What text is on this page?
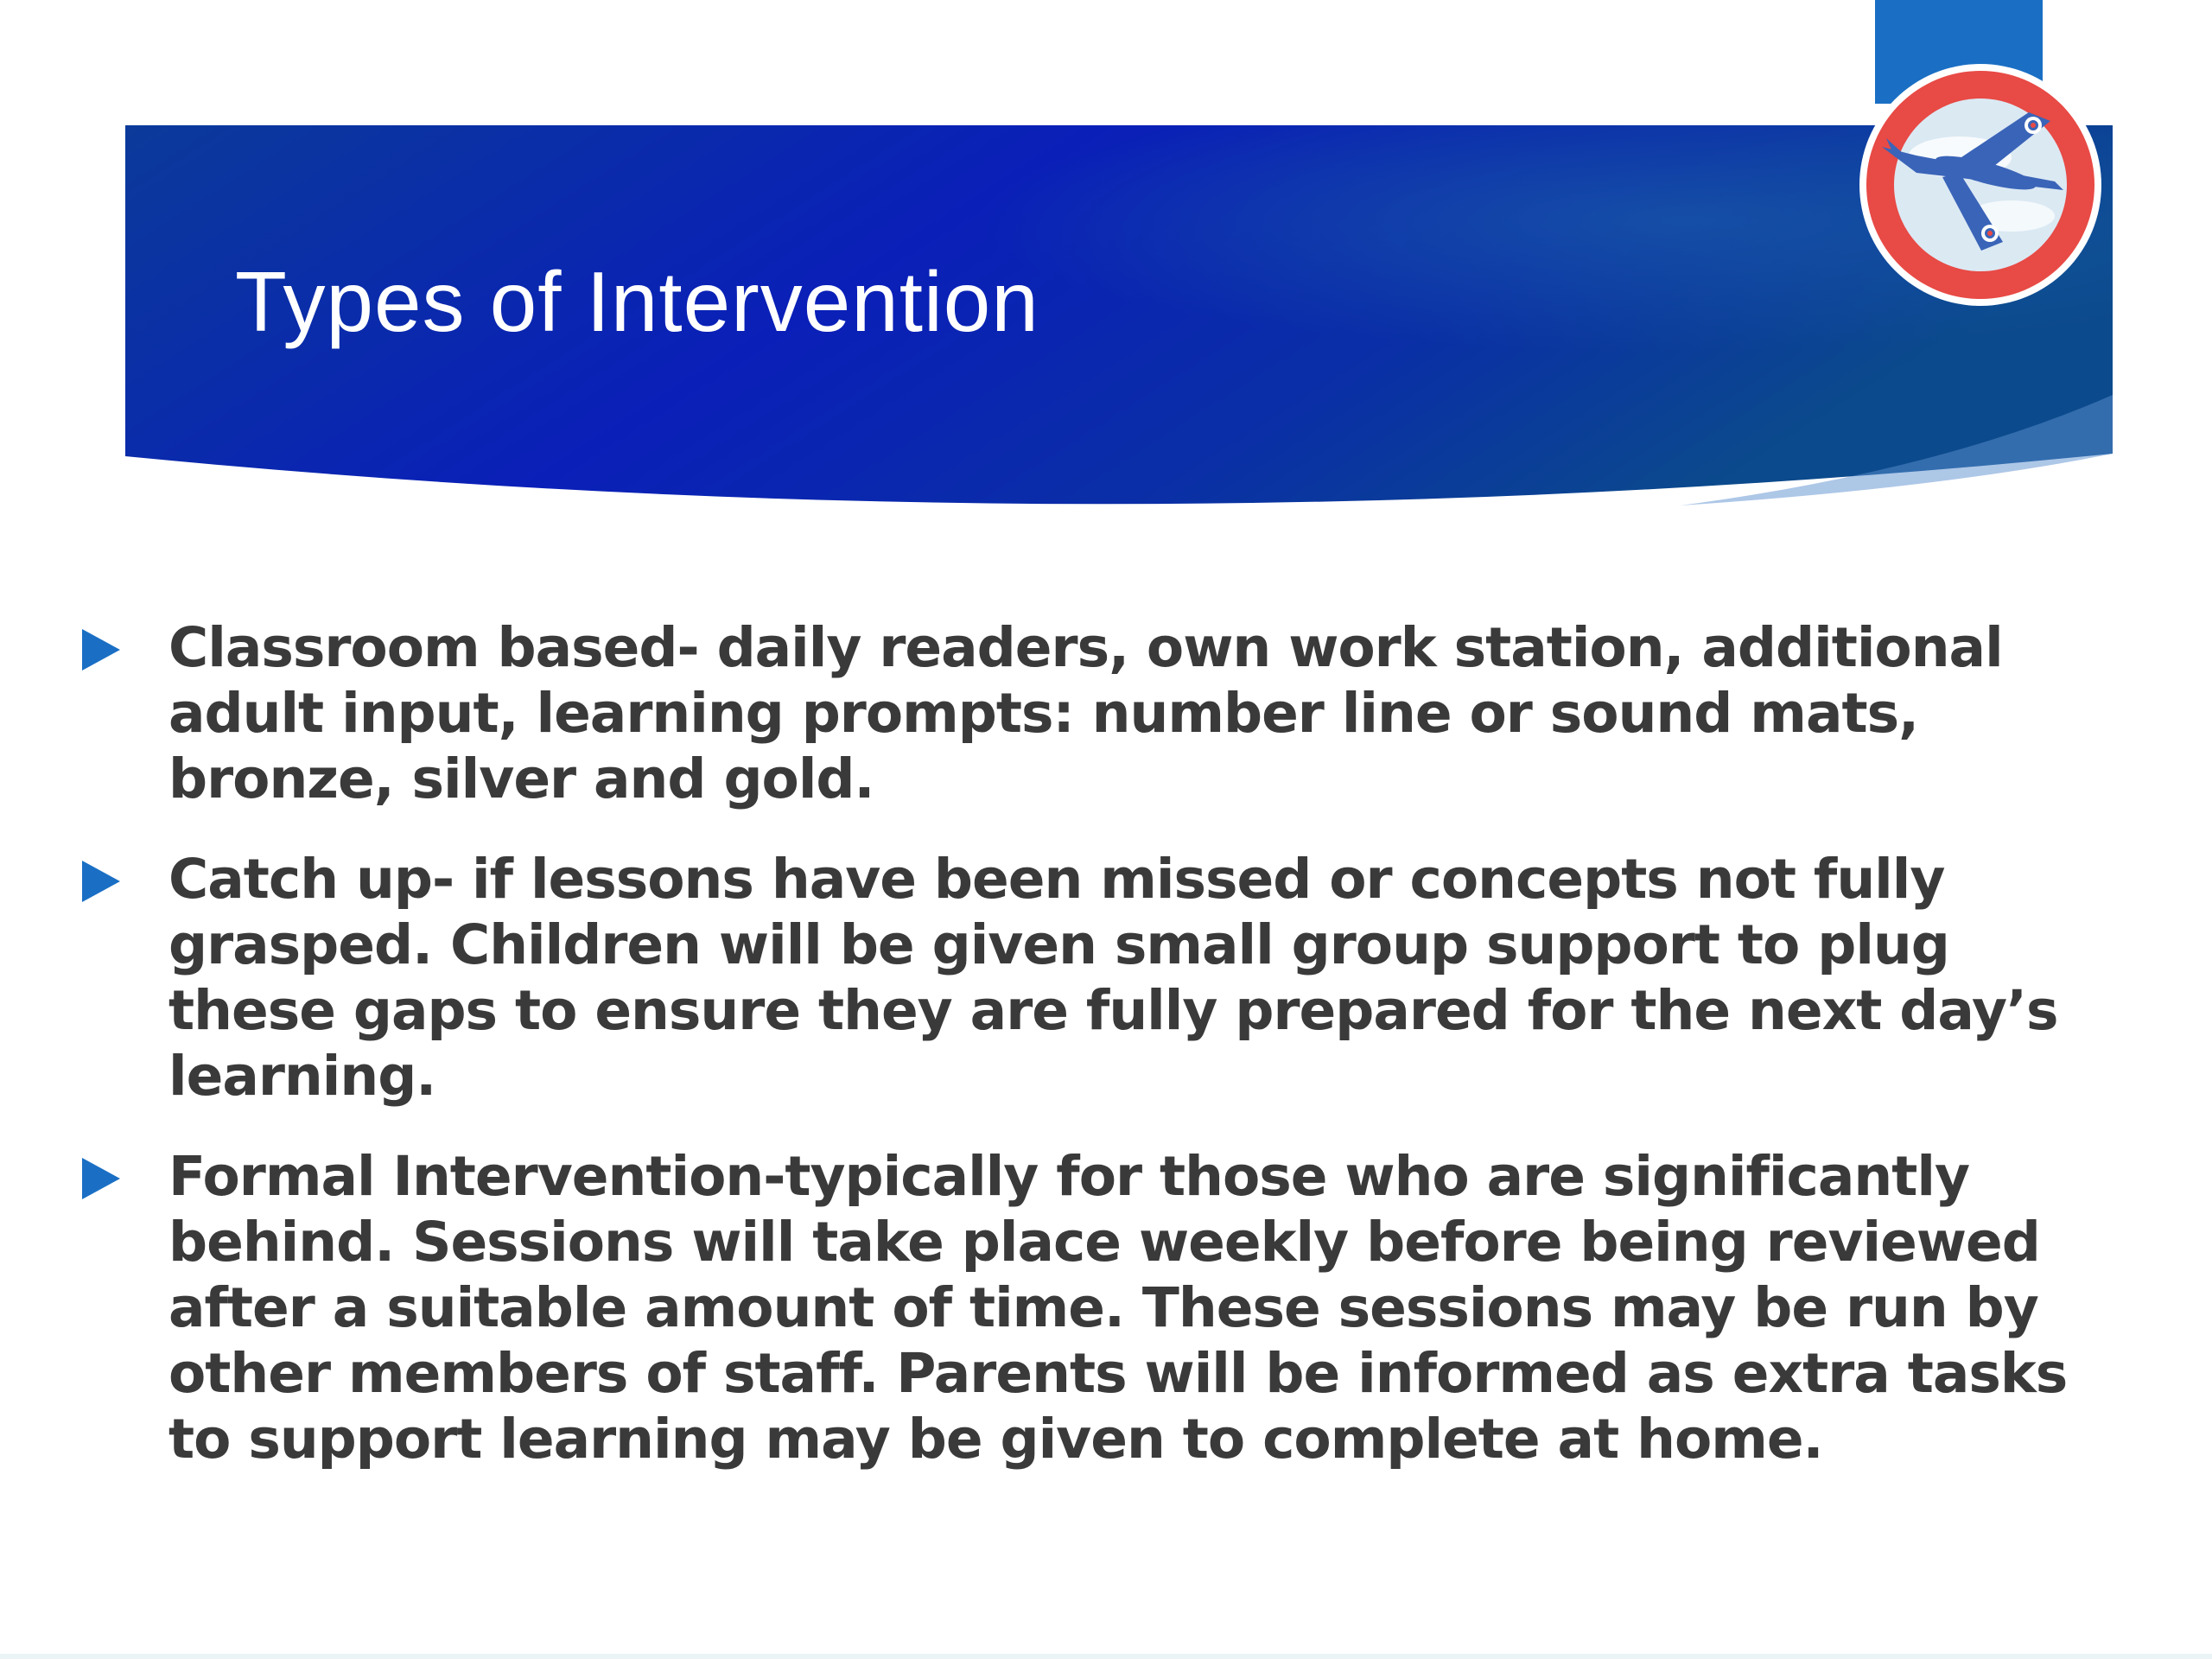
Types of Intervention
Classroom based- daily readers, own work station, additional adult input, learning prompts: number line or sound mats, bronze, silver and gold.
Catch up- if lessons have been missed or concepts not fully grasped. Children will be given small group support to plug these gaps to ensure they are fully prepared for the next day’s learning.
Formal Intervention-typically for those who are significantly behind. Sessions will take place weekly before being reviewed after a suitable amount of time. These sessions may be run by other members of staff. Parents will be informed as extra tasks to support learning may be given to complete at home.
